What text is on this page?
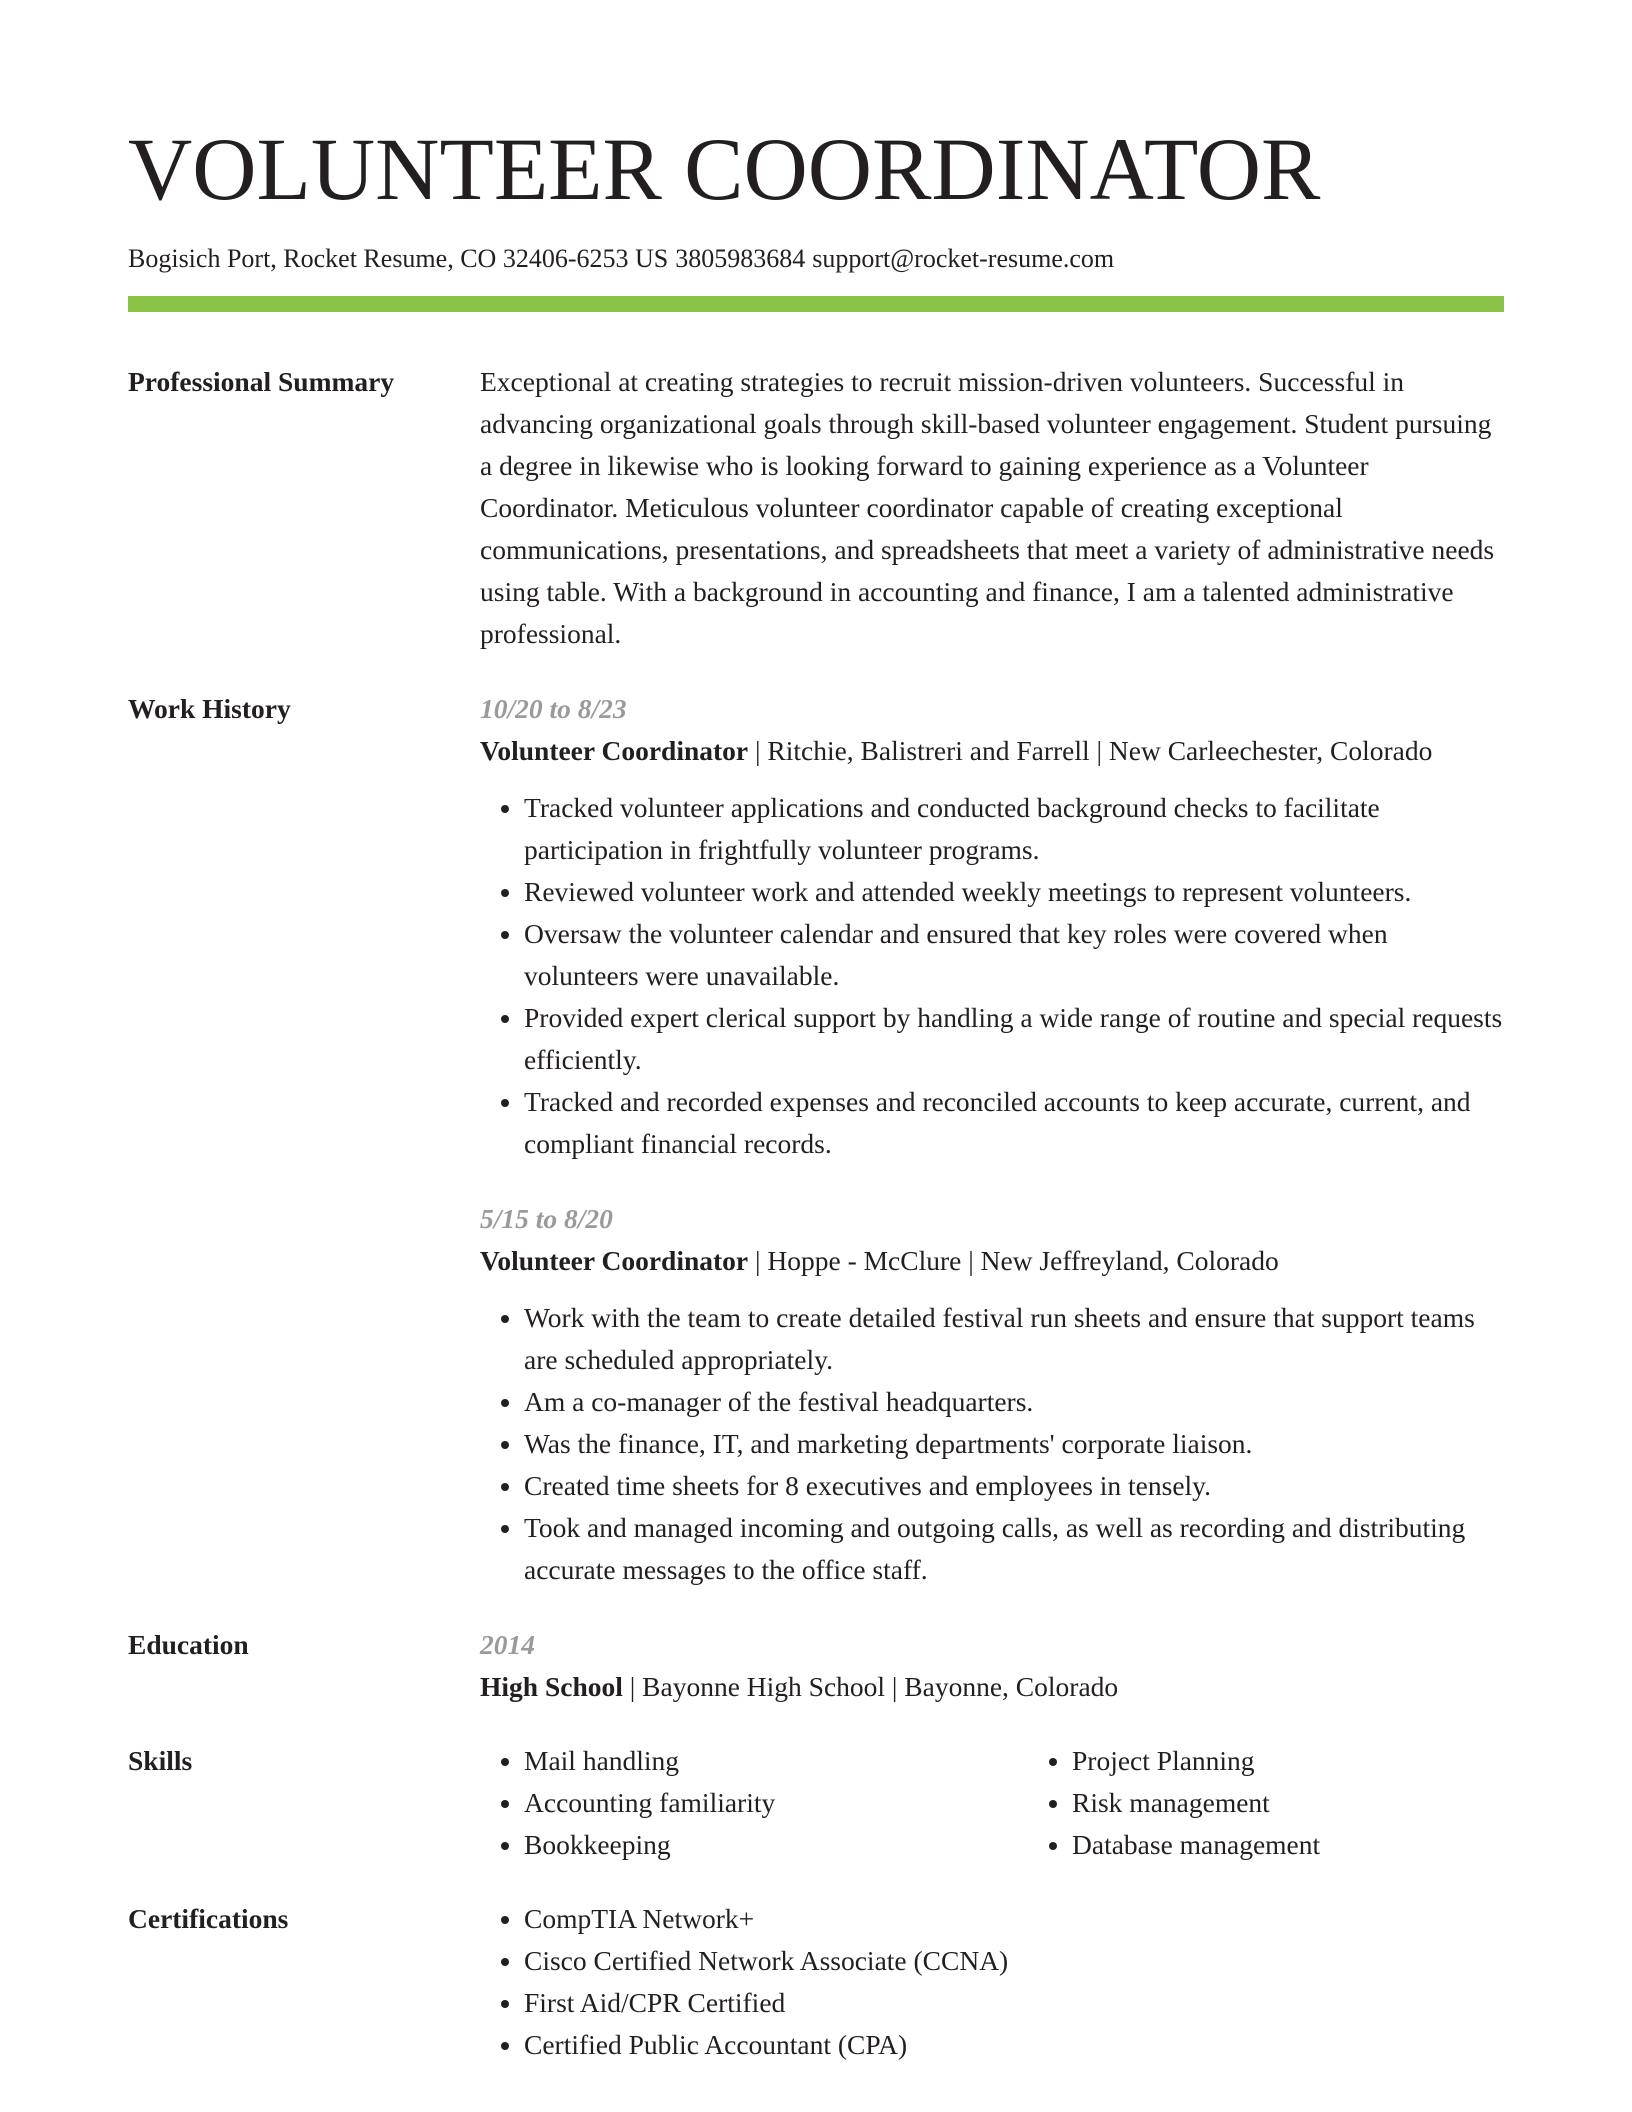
VOLUNTEER COORDINATOR
Bogisich Port, Rocket Resume, CO 32406-6253 US 3805983684 support@rocket-resume.com
Professional Summary	Exceptional at creating strategies to recruit mission-driven volunteers. Successful in advancing organizational goals through skill-based volunteer engagement. Student pursuing a degree in likewise who is looking forward to gaining experience as a Volunteer Coordinator. Meticulous volunteer coordinator capable of creating exceptional communications, presentations, and spreadsheets that meet a variety of administrative needs using table. With a background in accounting and finance, I am a talented administrative professional.
Work History	10/20 to 8/23
Volunteer Coordinator | Ritchie, Balistreri and Farrell | New Carleechester, Colorado
• Tracked volunteer applications and conducted background checks to facilitate participation in frightfully volunteer programs.
• Reviewed volunteer work and attended weekly meetings to represent volunteers.
• Oversaw the volunteer calendar and ensured that key roles were covered when volunteers were unavailable.
• Provided expert clerical support by handling a wide range of routine and special requests efficiently.
• Tracked and recorded expenses and reconciled accounts to keep accurate, current, and compliant financial records.
5/15 to 8/20
Volunteer Coordinator | Hoppe - McClure | New Jeffreyland, Colorado
• Work with the team to create detailed festival run sheets and ensure that support teams are scheduled appropriately.
• Am a co-manager of the festival headquarters.
• Was the finance, IT, and marketing departments' corporate liaison.
• Created time sheets for 8 executives and employees in tensely.
• Took and managed incoming and outgoing calls, as well as recording and distributing accurate messages to the office staff.
Education	2014
High School | Bayonne High School | Bayonne, Colorado
Skills	• Mail handling
• Accounting familiarity
• Bookkeeping
• Project Planning
• Risk management
• Database management
Certifications	• CompTIA Network+
• Cisco Certified Network Associate (CCNA)
• First Aid/CPR Certified
• Certified Public Accountant (CPA)
